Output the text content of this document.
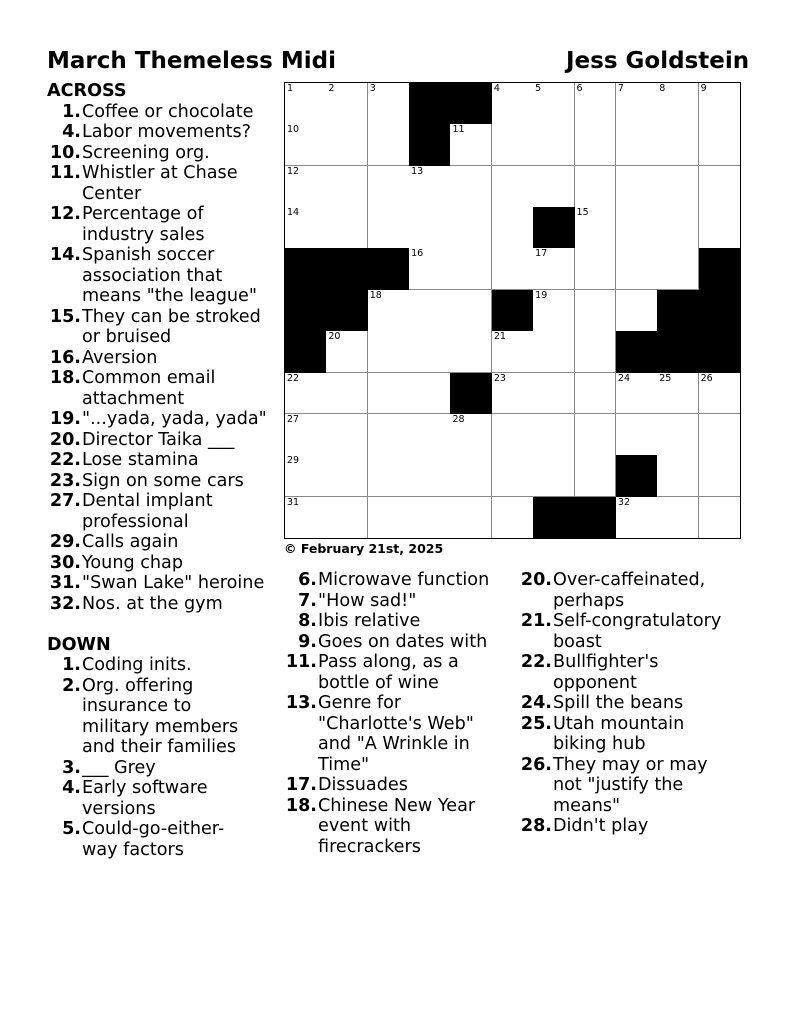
March Themeless Midi	Jess Goldstein
ACROSS
1. Coffee or chocolate
4. Labor movements?
10. Screening org.
11. Whistler at Chase
Center
12. Percentage of
industry sales
14. Spanish soccer
association that
means "the league"
15. They can be stroked
or bruised
16. Aversion
18. Common email
attachment
19. "...yada, yada, yada"
20. Director Taika ___
22. Lose stamina
23. Sign on some cars
27. Dental implant
professional
29. Calls again
30. Young chap
31. "Swan Lake" heroine
32. Nos. at the gym
DOWN
1. Coding inits.
2. Org. offering
insurance to
military members
and their families
3. ___ Grey
4. Early software
versions
5. Could-go-either-
way factors
6. Microwave function
7. "How sad!"
8. Ibis relative
9. Goes on dates with
11. Pass along, as a
bottle of wine
13. Genre for
"Charlotte's Web"
and "A Wrinkle in
Time"
17. Dissuades
18. Chinese New Year
event with
firecrackers
20. Over-caffeinated,
perhaps
21. Self-congratulatory
boast
22. Bullfighter's
opponent
24. Spill the beans
25. Utah mountain
biking hub
26. They may or may
not "justify the
means"
28. Didn't play
1	2	3	4	5	6	7	8	9
10	11
12	13
14	15
16	17
18	19
20	21
22	23	24	25	26
27	28
29
31	32
© February 21st, 2025
